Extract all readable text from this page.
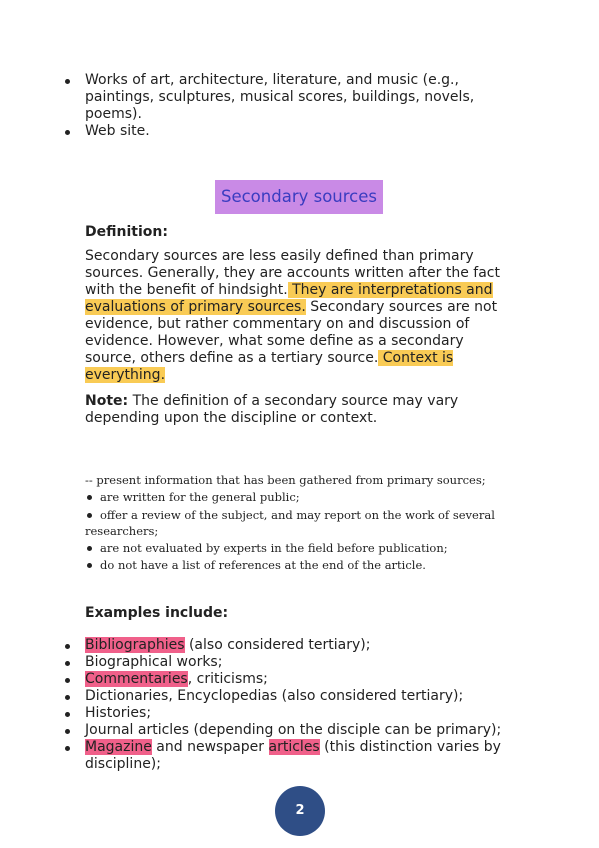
Works of art, architecture, literature, and music (e.g., paintings, sculptures, musical scores, buildings, novels, poems).
Web site.
Secondary sources
Definition:
Secondary sources are less easily defined than primary sources. Generally, they are accounts written after the fact with the benefit of hindsight. They are interpretations and evaluations of primary sources. Secondary sources are not evidence, but rather commentary on and discussion of evidence. However, what some define as a secondary source, others define as a tertiary source. Context is everything.
Note: The definition of a secondary source may vary depending upon the discipline or context.
-- present information that has been gathered from primary sources;
are written for the general public;
offer a review of the subject, and may report on the work of several
researchers;
are not evaluated by experts in the field before publication;
do not have a list of references at the end of the article.
Examples include:
Bibliographies (also considered tertiary);
Biographical works;
Commentaries, criticisms;
Dictionaries, Encyclopedias (also considered tertiary);
Histories;
Journal articles (depending on the disciple can be primary);
Magazine and newspaper articles (this distinction varies by discipline);
2
